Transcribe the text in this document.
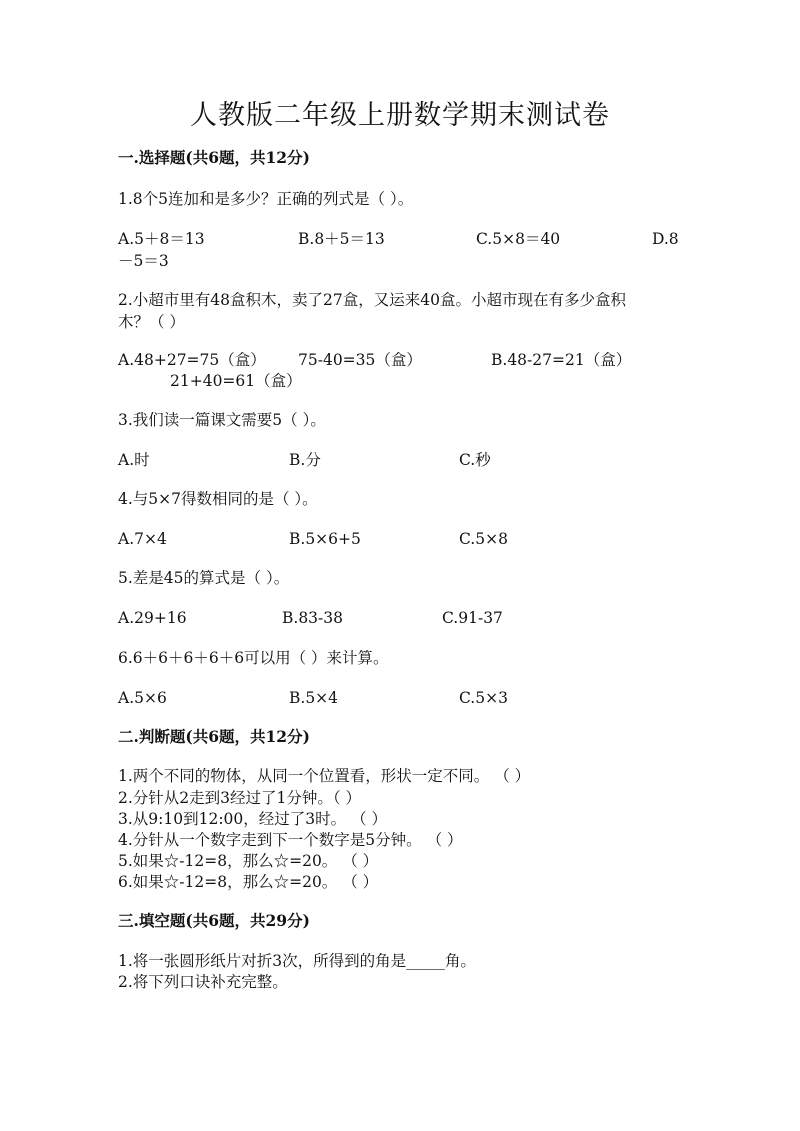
人教版二年级上册数学期末测试卷
一.选择题(共6题，共12分)
1.8个5连加和是多少？正确的列式是（ ）。
A.5＋8＝13	B.8＋5＝13	C.5×8＝40	D.8
－5＝3
2.小超市里有48盒积木，卖了27盒，又运来40盒。小超市现在有多少盒积
木？（ ）
A.48+27=75（盒） 75-40=35（盒）	B.48-27=21（盒）
21+40=61（盒）
3.我们读一篇课文需要5（ ）。
A.时	B.分	C.秒
4.与5×7得数相同的是（ ）。
A.7×4	B.5×6+5	C.5×8
5.差是45的算式是（ ）。
A.29+16	B.83-38	C.91-37
6.6＋6＋6＋6＋6可以用（ ）来计算。
A.5×6	B.5×4	C.5×3
二.判断题(共6题，共12分)
1.两个不同的物体，从同一个位置看，形状一定不同。 （ ）
2.分针从2走到3经过了1分钟。（ ）
3.从9:10到12:00，经过了3时。 （ ）
4.分针从一个数字走到下一个数字是5分钟。 （ ）
5.如果☆-12=8，那么☆=20。 （ ）
6.如果☆-12=8，那么☆=20。 （ ）
三.填空题(共6题，共29分)
1.将一张圆形纸片对折3次，所得到的角是_____角。
2.将下列口诀补充完整。
